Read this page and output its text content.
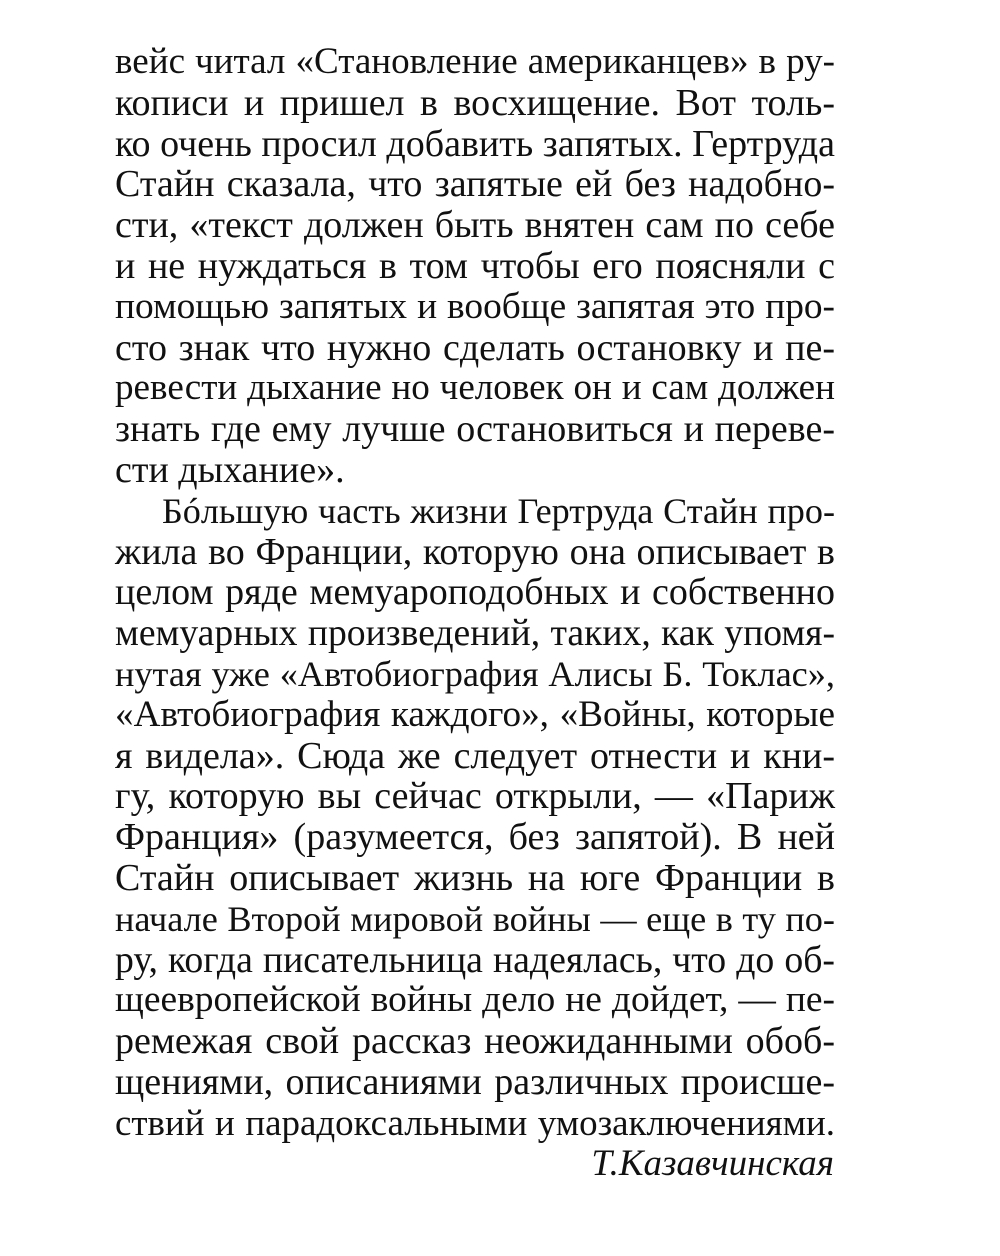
вейс читал «Становление американцев» в ру-
кописи и пришел в восхищение. Вот толь-
ко очень просил добавить запятых. Гертруда
Стайн сказала, что запятые ей без надобно-
сти, «текст должен быть внятен сам по себе
и не нуждаться в том чтобы его поясняли с
помощью запятых и вообще запятая это про-
сто знак что нужно сделать остановку и пе-
ревести дыхание но человек он и сам должен
знать где ему лучше остановиться и переве-
сти дыхание».
Бóльшую часть жизни Гертруда Стайн про-
жила во Франции, которую она описывает в
целом ряде мемуароподобных и собственно
мемуарных произведений, таких, как упомя-
нутая уже «Автобиография Алисы Б. Токлас»,
«Автобиография каждого», «Войны, которые
я видела». Сюда же следует отнести и кни-
гу, которую вы сейчас открыли, — «Париж
Франция» (разумеется, без запятой). В ней
Стайн описывает жизнь на юге Франции в
начале Второй мировой войны — еще в ту по-
ру, когда писательница надеялась, что до об-
щеевропейской войны дело не дойдет, — пе-
ремежая свой рассказ неожиданными обоб-
щениями, описаниями различных происше-
ствий и парадоксальными умозаключениями.
Т.Казавчинская
